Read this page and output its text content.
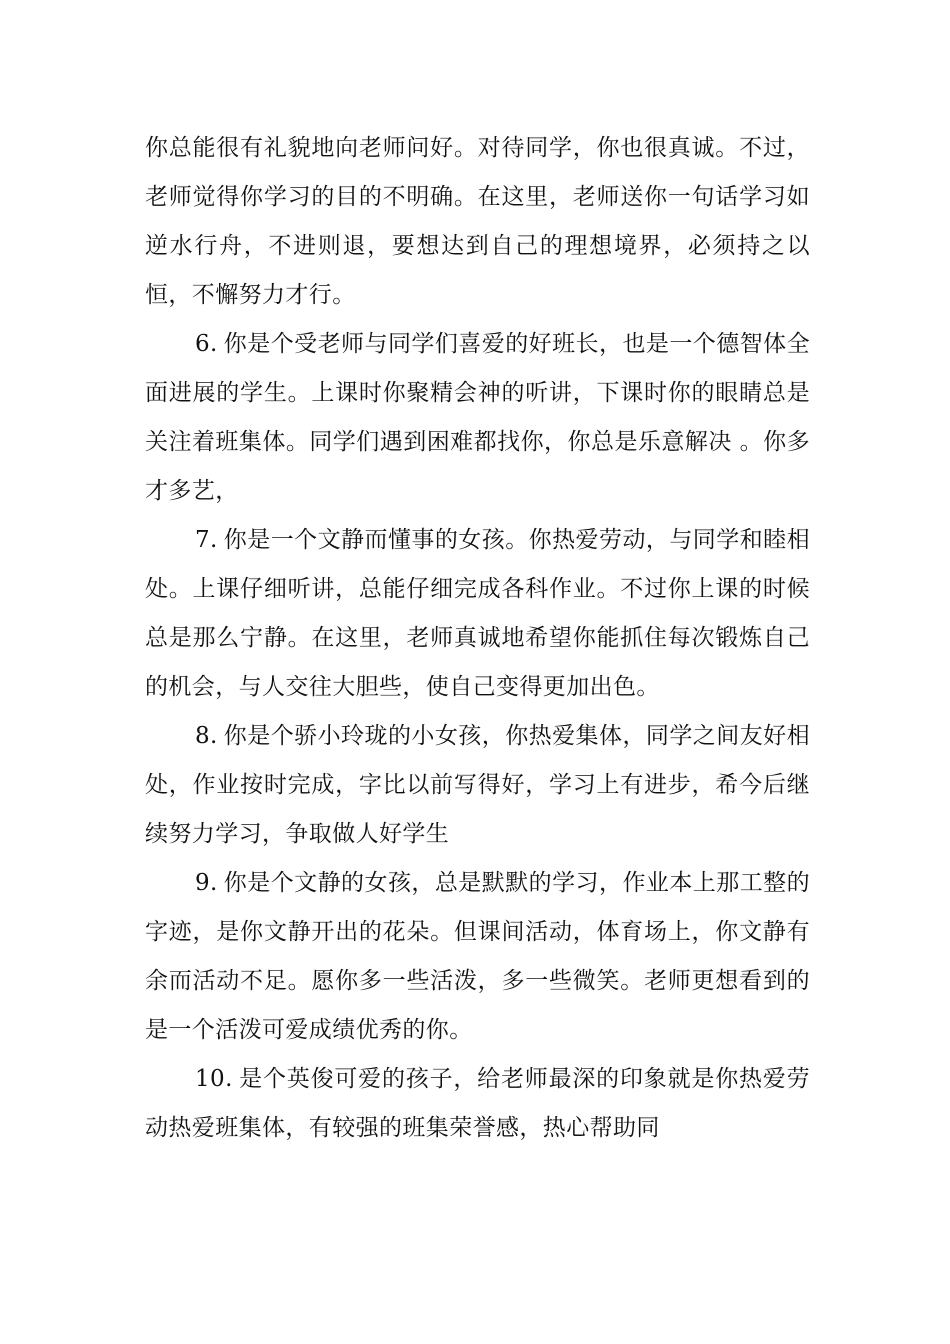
你总能很有礼貌地向老师问好。对待同学，你也很真诚。不过，老师觉得你学习的目的不明确。在这里，老师送你一句话学习如逆水行舟，不进则退，要想达到自己的理想境界，必须持之以恒，不懈努力才行。

6. 你是个受老师与同学们喜爱的好班长，也是一个德智体全面进展的学生。上课时你聚精会神的听讲，下课时你的眼睛总是关注着班集体。同学们遇到困难都找你，你总是乐意解决 。你多才多艺，

7. 你是一个文静而懂事的女孩。你热爱劳动，与同学和睦相处。上课仔细听讲，总能仔细完成各科作业。不过你上课的时候总是那么宁静。在这里，老师真诚地希望你能抓住每次锻炼自己的机会，与人交往大胆些，使自己变得更加出色。

8. 你是个骄小玲珑的小女孩，你热爱集体，同学之间友好相处，作业按时完成，字比以前写得好，学习上有进步，希今后继续努力学习，争取做人好学生

9. 你是个文静的女孩，总是默默的学习，作业本上那工整的字迹，是你文静开出的花朵。但课间活动，体育场上，你文静有余而活动不足。愿你多一些活泼，多一些微笑。老师更想看到的是一个活泼可爱成绩优秀的你。

10. 是个英俊可爱的孩子，给老师最深的印象就是你热爱劳动热爱班集体，有较强的班集荣誉感，热心帮助同
